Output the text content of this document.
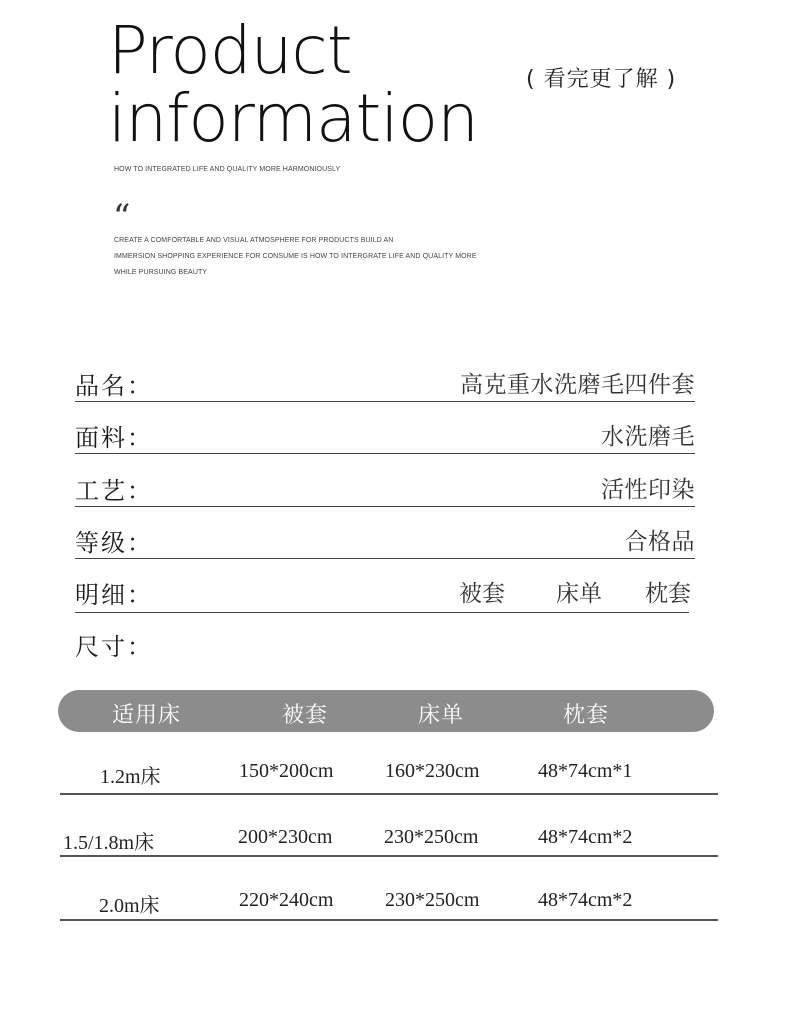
Product
information
( 看完更了解 )
HOW TO INTEGRATED LIFE AND QUALITY MORE HARMONIOUSLY
“
CREATE A COMFORTABLE AND VISUAL ATMOSPHERE FOR PRODUCTS BUILD AN
IMMERSION SHOPPING EXPERIENCE FOR CONSUME IS HOW TO INTERGRATE LIFE AND QUALITY MORE
WHILE PURSUING BEAUTY
品名：	高克重水洗磨毛四件套
面料：	水洗磨毛
工艺：	活性印染
等级：	合格品
明细：	被套 床单 枕套
尺寸：
适用床	被套	床单	枕套
1.2m床	150*200cm	160*230cm	48*74cm*1
1.5/1.8m床	200*230cm	230*250cm	48*74cm*2
2.0m床	220*240cm	230*250cm	48*74cm*2
